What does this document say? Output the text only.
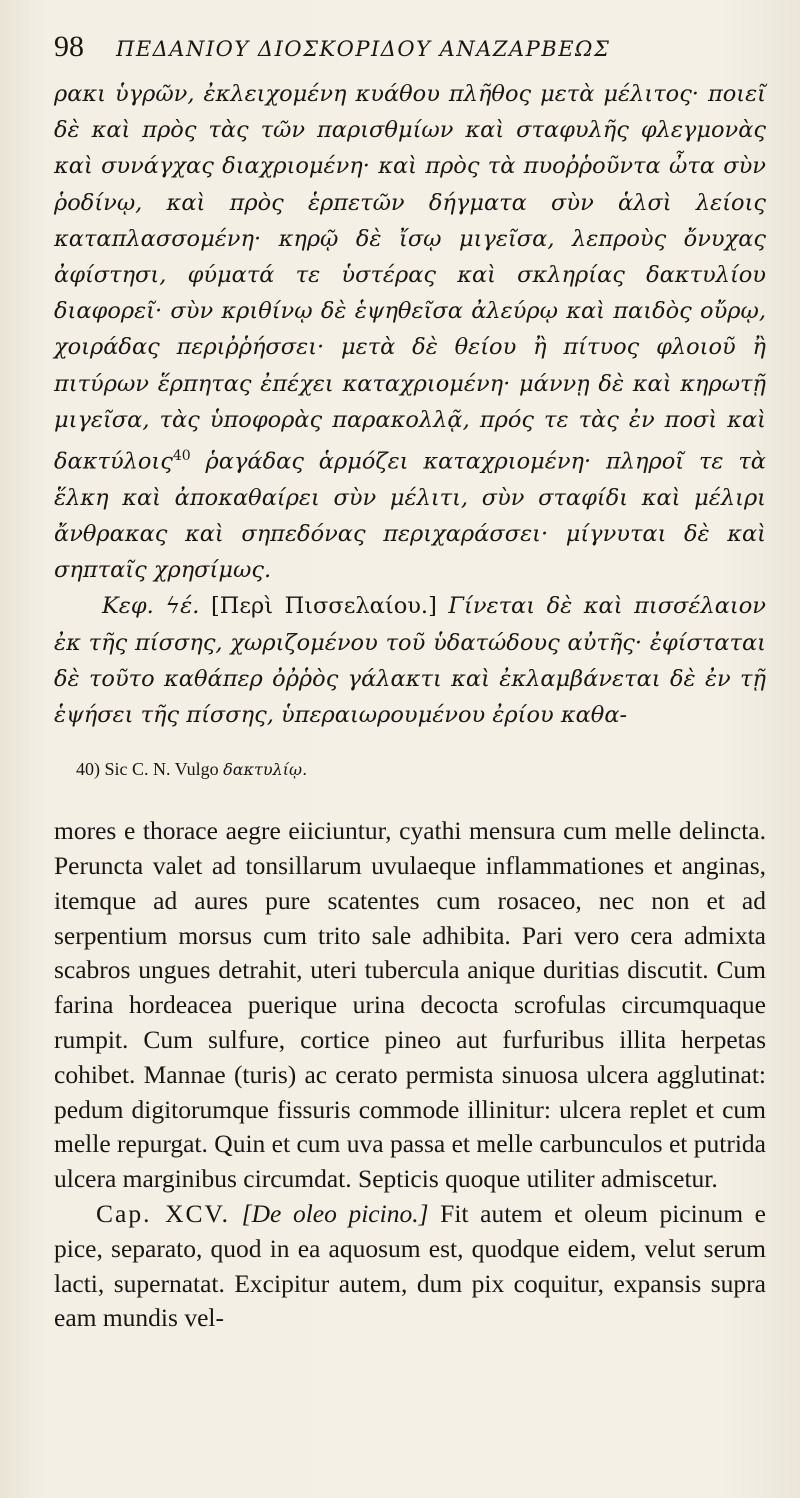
98	ΠΕΔΑΝΙΟΥ ΔΙΟΣΚΟΡΙΔΟΥ ΑΝΑΖΑΡΒΕΩΣ

ρακι ὑγρῶν, ἐκλειχομένη κυάθου πλῆθος μετὰ μέλιτος· ποιεῖ δὲ καὶ πρὸς τὰς τῶν παρισθμίων καὶ σταφυλῆς φλεγμονὰς καὶ συνάγχας διαχριομένη· καὶ πρὸς τὰ πυοῤῥοῦντα ὦτα σὺν ῥοδίνῳ, καὶ πρὸς ἑρπετῶν δήγματα σὺν ἁλσὶ λείοις καταπλασσομένη· κηρῷ δὲ ἴσῳ μιγεῖσα, λεπροὺς ὄνυχας ἀφίστησι, φύματά τε ὑστέρας καὶ σκληρίας δακτυλίου διαφορεῖ· σὺν κριθίνῳ δὲ ἑψηθεῖσα ἀλεύρῳ καὶ παιδὸς οὔρῳ, χοιράδας περιῤῥήσσει· μετὰ δὲ θείου ἢ πίτυος φλοιοῦ ἢ πιτύρων ἕρπητας ἐπέχει καταχριομένη· μάννῃ δὲ καὶ κηρωτῇ μιγεῖσα, τὰς ὑποφορὰς παρακολλᾷ, πρός τε τὰς ἐν ποσὶ καὶ δακτύλοις$^{40}$ ῥαγάδας ἁρμόζει καταχριομένη· πληροῖ τε τὰ ἕλκη καὶ ἀποκαθαίρει σὺν μέλιτι, σὺν σταφίδι καὶ μέλιρι ἄνθρακας καὶ σηπεδόνας περιχαράσσει· μίγνυται δὲ καὶ σηπταῖς χρησίμως.

Κεφ. ϟέ. [Περὶ Πισσελαίου.] Γίνεται δὲ καὶ πισσέλαιον ἐκ τῆς πίσσης, χωριζομένου τοῦ ὑδατώδους αὐτῆς· ἐφίσταται δὲ τοῦτο καθάπερ ὀῤῥὸς γάλακτι καὶ ἐκλαμβάνεται δὲ ἐν τῇ ἑψήσει τῆς πίσσης, ὑπεραιωρουμένου ἐρίου καθα-

40) Sic C. N. Vulgo δακτυλίῳ.

mores e thorace aegre eiiciuntur, cyathi mensura cum melle delincta. Peruncta valet ad tonsillarum uvulaeque inflammationes et anginas, itemque ad aures pure scatentes cum rosaceo, nec non et ad serpentium morsus cum trito sale adhibita. Pari vero cera admixta scabros ungues detrahit, uteri tubercula anique duritias discutit. Cum farina hordeacea puerique urina decocta scrofulas circumquaque rumpit. Cum sulfure, cortice pineo aut furfuribus illita herpetas cohibet. Mannae (turis) ac cerato permista sinuosa ulcera agglutinat: pedum digitorumque fissuris commode illinitur: ulcera replet et cum melle repurgat. Quin et cum uva passa et melle carbunculos et putrida ulcera marginibus circumdat. Septicis quoque utiliter admiscetur.

Cap. XCV. [De oleo picino.] Fit autem et oleum picinum e pice, separato, quod in ea aquosum est, quodque eidem, velut serum lacti, supernatat. Excipitur autem, dum pix coquitur, expansis supra eam mundis vel-
